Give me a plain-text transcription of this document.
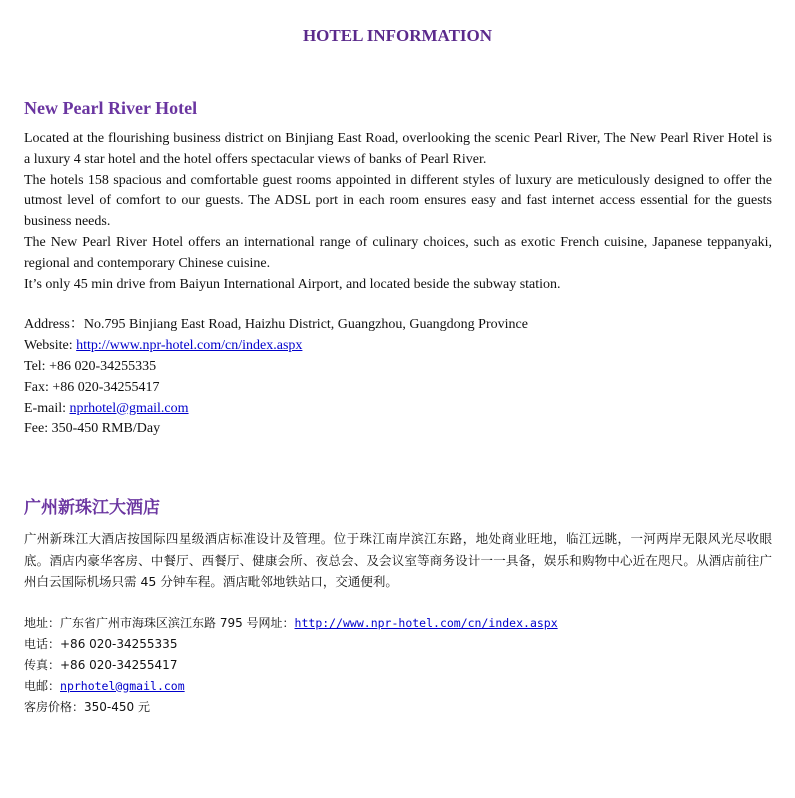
HOTEL INFORMATION
New Pearl River Hotel

Located at the flourishing business district on Binjiang East Road, overlooking the scenic Pearl River, The New Pearl River Hotel is a luxury 4 star hotel and the hotel offers spectacular views of banks of Pearl River.
The hotels 158 spacious and comfortable guest rooms appointed in different styles of luxury are meticulously designed to offer the utmost level of comfort to our guests. The ADSL port in each room ensures easy and fast internet access essential for the guests business needs.
The New Pearl River Hotel offers an international range of culinary choices, such as exotic French cuisine, Japanese teppanyaki, regional and contemporary Chinese cuisine.
It’s only 45 min drive from Baiyun International Airport, and located beside the subway station.

Address：No.795 Binjiang East Road, Haizhu District, Guangzhou, Guangdong Province
Website: http://www.npr-hotel.com/cn/index.aspx
Tel: +86 020-34255335
Fax: +86 020-34255417
E-mail: nprhotel@gmail.com
Fee: 350-450 RMB/Day
广州新珠江大酒店

广州新珠江大酒店按国际四星级酒店标准设计及管理。位于珠江南岸滨江东路，地处商业旺地，临江远眺，一河两岸无限风光尽收眼底。酒店内豪华客房、中餐厅、西餐厅、健康会所、夜总会、及会议室等商务设计一一具备，娱乐和购物中心近在咫尺。从酒店前往广州白云国际机场只需 45 分钟车程。酒店毗邻地铁站口，交通便利。

地址：广东省广州市海珠区滨江东路 795 号网址：http://www.npr-hotel.com/cn/index.aspx
电话：+86 020-34255335
传真：+86 020-34255417
电邮：nprhotel@gmail.com
客房价格：350-450 元
